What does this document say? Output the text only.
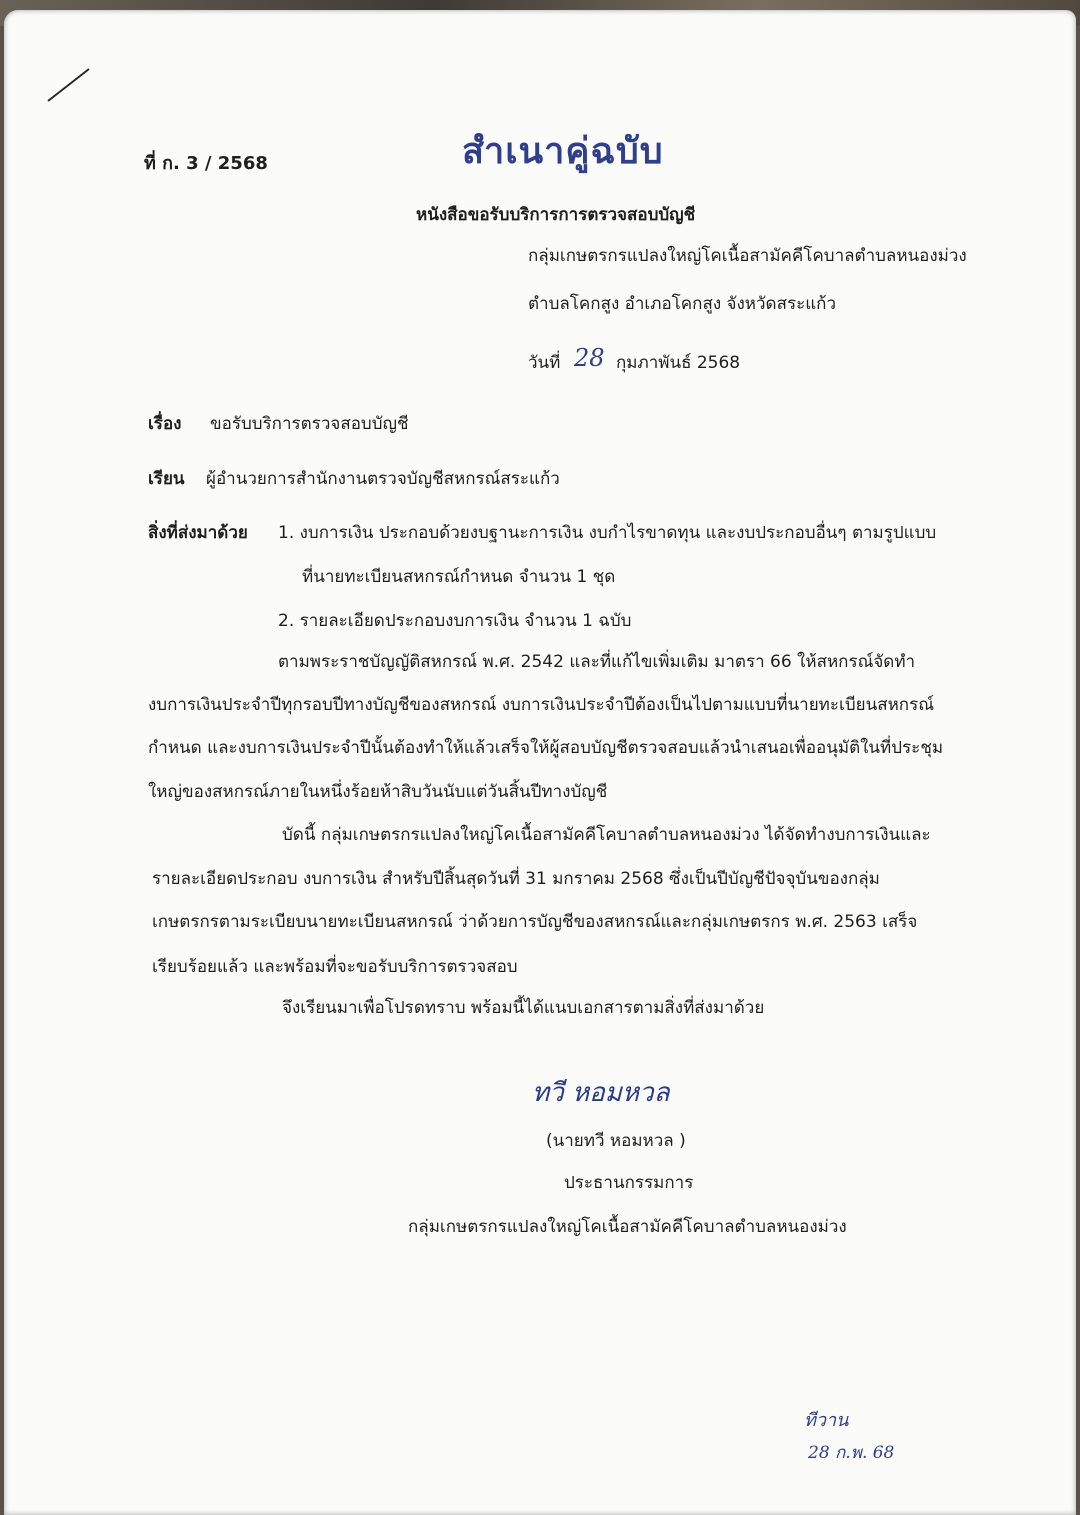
สำเนาคู่ฉบับ
ที่ ก. 3 / 2568
หนังสือขอรับบริการการตรวจสอบบัญชี
กลุ่มเกษตรกรแปลงใหญ่โคเนื้อสามัคคีโคบาลตำบลหนองม่วง
ตำบลโคกสูง อำเภอโคกสูง จังหวัดสระแก้ว
วันที่ 28 กุมภาพันธ์ 2568
เรื่อง ขอรับบริการตรวจสอบบัญชี
เรียน ผู้อำนวยการสำนักงานตรวจบัญชีสหกรณ์สระแก้ว
สิ่งที่ส่งมาด้วย 1. งบการเงิน ประกอบด้วยงบฐานะการเงิน งบกำไรขาดทุน และงบประกอบอื่นๆ ตามรูปแบบ
ที่นายทะเบียนสหกรณ์กำหนด จำนวน 1 ชุด
2. รายละเอียดประกอบงบการเงิน จำนวน 1 ฉบับ
ตามพระราชบัญญัติสหกรณ์ พ.ศ. 2542 และที่แก้ไขเพิ่มเติม มาตรา 66 ให้สหกรณ์จัดทำ
งบการเงินประจำปีทุกรอบปีทางบัญชีของสหกรณ์ งบการเงินประจำปีต้องเป็นไปตามแบบที่นายทะเบียนสหกรณ์
กำหนด และงบการเงินประจำปีนั้นต้องทำให้แล้วเสร็จให้ผู้สอบบัญชีตรวจสอบแล้วนำเสนอเพื่ออนุมัติในที่ประชุม
ใหญ่ของสหกรณ์ภายในหนึ่งร้อยห้าสิบวันนับแต่วันสิ้นปีทางบัญชี
บัดนี้ กลุ่มเกษตรกรแปลงใหญ่โคเนื้อสามัคคีโคบาลตำบลหนองม่วง ได้จัดทำงบการเงินและ
รายละเอียดประกอบ งบการเงิน สำหรับปีสิ้นสุดวันที่ 31 มกราคม 2568 ซึ่งเป็นปีบัญชีปัจจุบันของกลุ่ม
เกษตรกรตามระเบียบนายทะเบียนสหกรณ์ ว่าด้วยการบัญชีของสหกรณ์และกลุ่มเกษตรกร พ.ศ. 2563 เสร็จ
เรียบร้อยแล้ว และพร้อมที่จะขอรับบริการตรวจสอบ
จึงเรียนมาเพื่อโปรดทราบ พร้อมนี้ได้แนบเอกสารตามสิ่งที่ส่งมาด้วย
ทวี หอมหวล
(นายทวี หอมหวล )
ประธานกรรมการ
กลุ่มเกษตรกรแปลงใหญ่โคเนื้อสามัคคีโคบาลตำบลหนองม่วง
ทีวาน
28 ก.พ. 68
